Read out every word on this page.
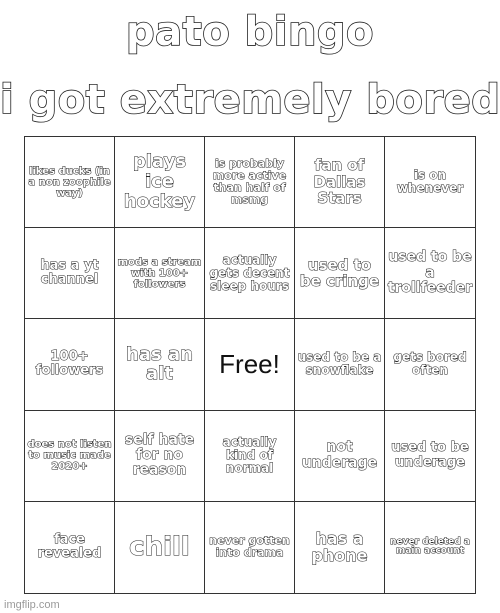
pato bingo
i got extremely bored
likes ducks (in a non zoophile way)
plays ice hockey
is probably more active than half of msmg
fan of Dallas Stars
is on whenever
has a yt channel
mods a stream with 100+ followers
actually gets decent sleep hours
used to be cringe
used to be a trollfeeder
100+ followers
has an alt	Free! used to be a snowflake
gets bored often
does not listen to music made 2020+
self hate for no reason
actually kind of normal
not underage
used to be underage
face revealed	chill never gotten into drama
has a phone
never deleted a main account
imgflip.com
